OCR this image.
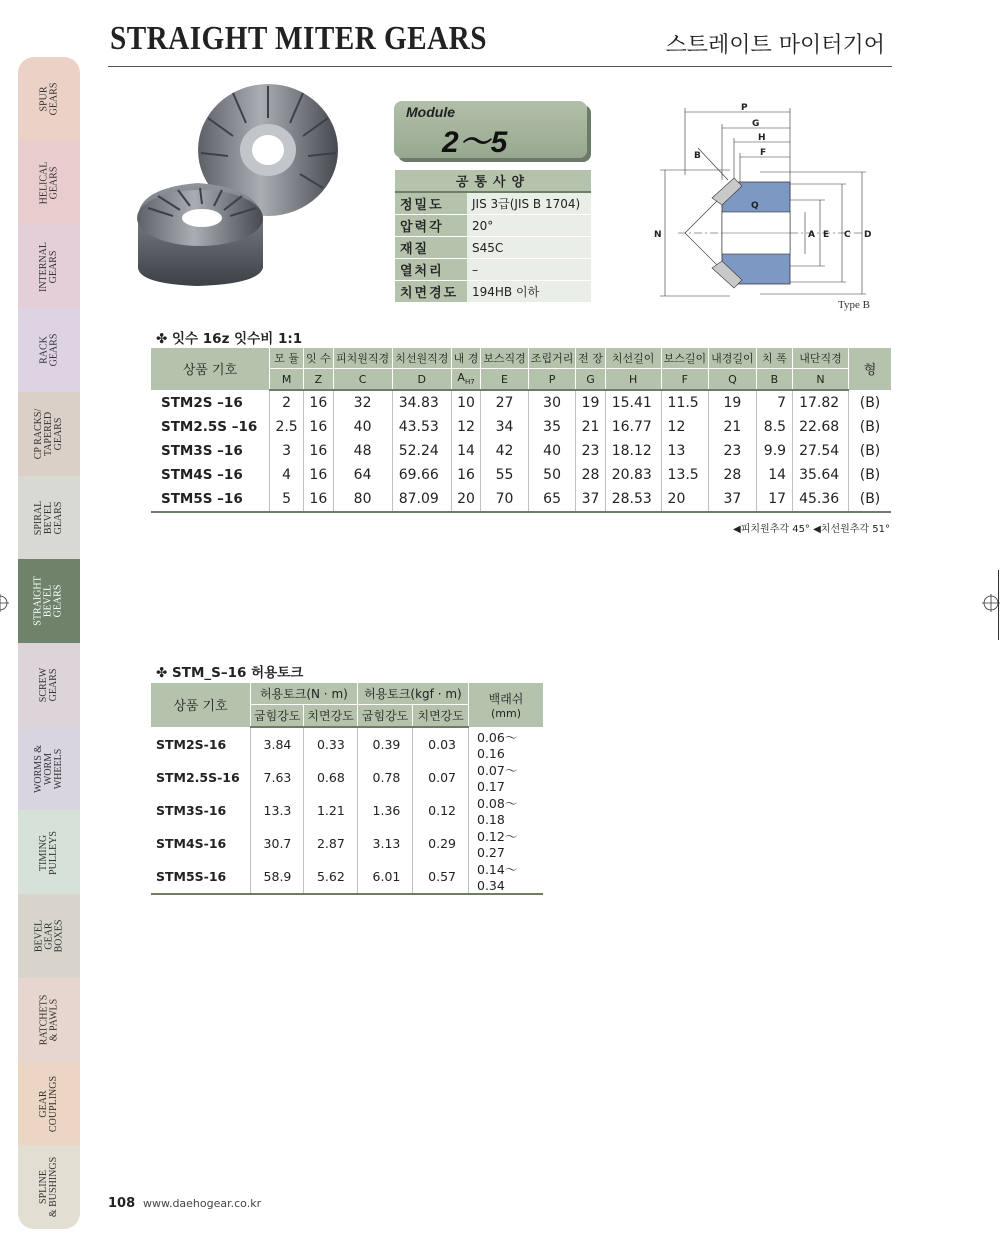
STRAIGHT MITER GEARS	스트레이트 마이터기어
SPUR
GEARS
HELICAL
GEARS
INTERNAL
GEARS
RACK
GEARS
CP RACKS/
TAPERED
GEARS
SPIRAL
BEVEL
GEARS
STRAIGHT
BEVEL
GEARS
SCREW
GEARS
WORMS &
WORM
WHEELS
TIMING
PULLEYS
BEVEL
GEAR
BOXES
RATCHETS
& PAWLS
GEAR
COUPLINGS
SPLINE
& BUSHINGS
Module
2～5
공통사양	
정밀도	JIS 3급(JIS B 1704)
압력각	20°
재질	S45C
열처리	–
치면경도	194HB 이하
P
G
H
F
B
Q
N	A E C D
Type B
✤ 잇수 16z 잇수비 1:1
상품 기호	모 듈	잇 수	피치원직경	치선원직경	내 경	보스직경	조립거리	전 장	치선길이	보스길이	내경길이	치 폭	내단직경	형
	M	Z	C	D	$A_{H7}$	E	P	G	H	F	Q	B	N	
STM2S –16	2	16	32	34.83	10	27	30	19	15.41	11.5	19	7	17.82	(B)
STM2.5S –16	2.5	16	40	43.53	12	34	35	21	16.77	12	21	8.5	22.68	(B)
STM3S –16	3	16	48	52.24	14	42	40	23	18.12	13	23	9.9	27.54	(B)
STM4S –16	4	16	64	69.66	16	55	50	28	20.83	13.5	28	14	35.64	(B)
STM5S –16	5	16	80	87.09	20	70	65	37	28.53	20	37	17	45.36	(B)
◀피치원추각 45° ◀치선원추각 51°
✤ STM_S–16 허용토크
상품 기호	허용토크(N · m)		허용토크(kgf · m)		백래쉬
(mm)

	굽힘강도	치면강도	굽힘강도	치면강도	
STM2S-16	3.84	0.33	0.39	0.03	0.06～0.16
STM2.5S-16	7.63	0.68	0.78	0.07	0.07～0.17
STM3S-16	13.3	1.21	1.36	0.12	0.08～0.18
STM4S-16	30.7	2.87	3.13	0.29	0.12～0.27
STM5S-16	58.9	5.62	6.01	0.57	0.14～0.34
108 www.daehogear.co.kr
